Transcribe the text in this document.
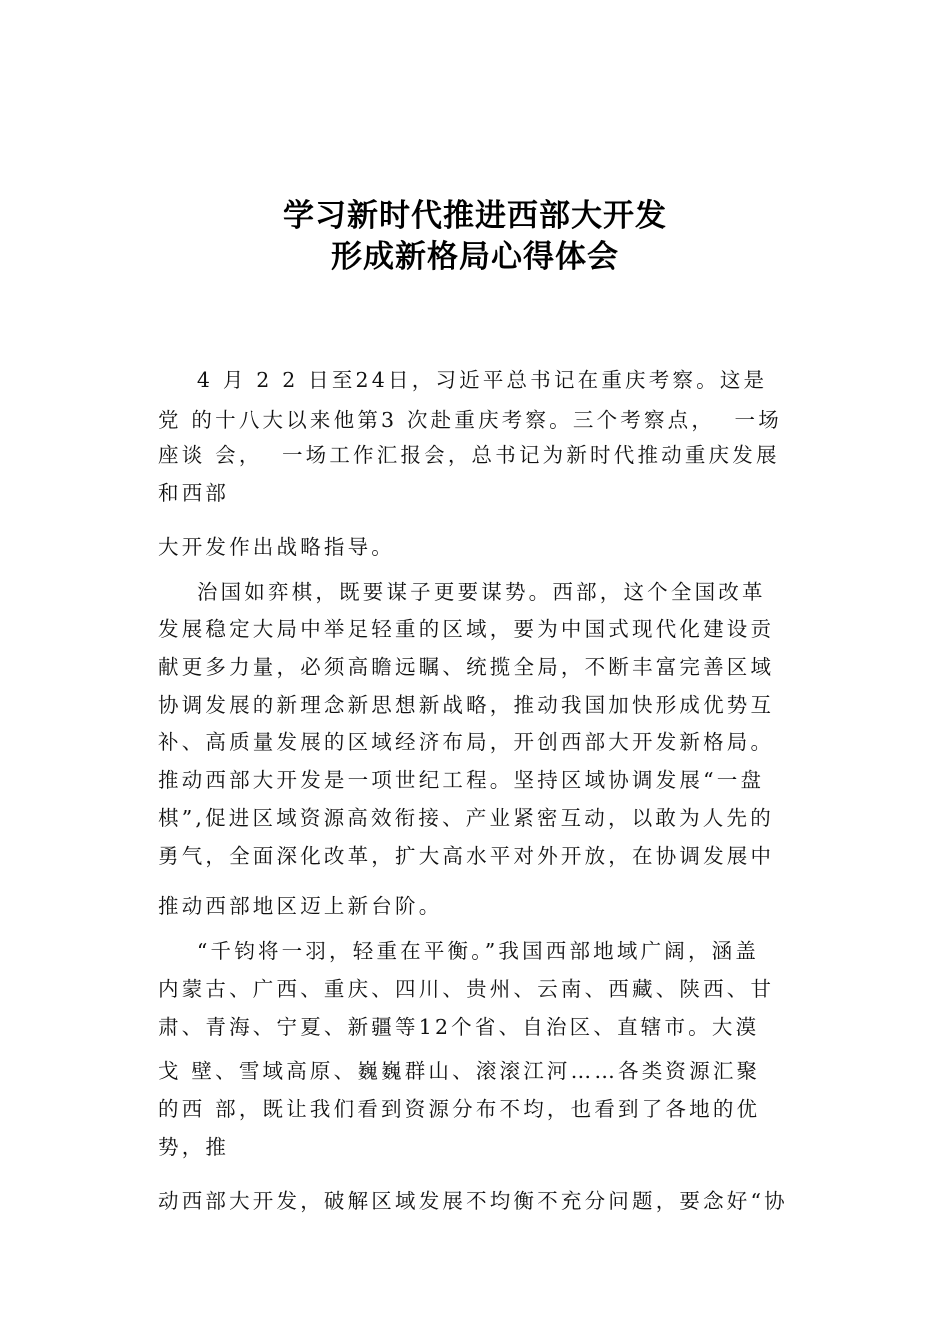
学习新时代推进西部大开发
形成新格局心得体会
4 月 2 2 日至24日，习近平总书记在重庆考察。这是
党 的十八大以来他第3 次赴重庆考察。三个考察点，  一场
座谈 会，  一场工作汇报会，总书记为新时代推动重庆发展
和西部
大开发作出战略指导。
治国如弈棋，既要谋子更要谋势。西部，这个全国改革
发展稳定大局中举足轻重的区域，要为中国式现代化建设贡
献更多力量，必须高瞻远瞩、统揽全局，不断丰富完善区域
协调发展的新理念新思想新战略，推动我国加快形成优势互
补、高质量发展的区域经济布局，开创西部大开发新格局。
推动西部大开发是一项世纪工程。坚持区域协调发展“一盘
棋”,促进区域资源高效衔接、产业紧密互动，以敢为人先的
勇气，全面深化改革，扩大高水平对外开放，在协调发展中
推动西部地区迈上新台阶。
“千钧将一羽，轻重在平衡。”我国西部地域广阔，涵盖
内蒙古、广西、重庆、四川、贵州、云南、西藏、陕西、甘
肃、青海、宁夏、新疆等12个省、自治区、直辖市。大漠
戈 壁、雪域高原、巍巍群山、滚滚江河……各类资源汇聚
的西 部，既让我们看到资源分布不均，也看到了各地的优
势，推
动西部大开发，破解区域发展不均衡不充分问题，要念好“协
